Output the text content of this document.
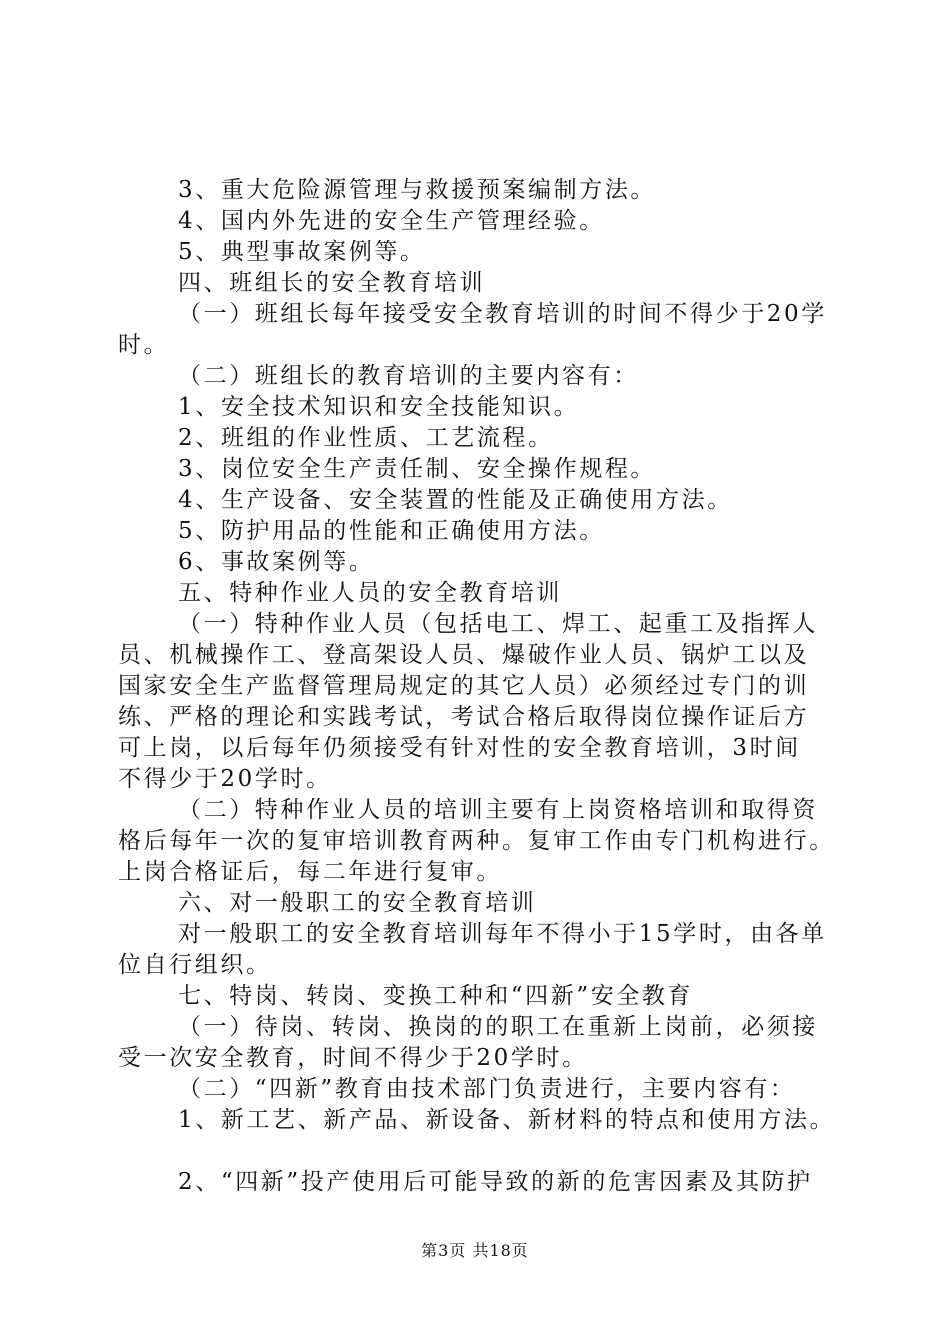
3、重大危险源管理与救援预案编制方法。
4、国内外先进的安全生产管理经验。
5、典型事故案例等。
四、班组长的安全教育培训
（一）班组长每年接受安全教育培训的时间不得少于20学
时。
（二）班组长的教育培训的主要内容有：
1、安全技术知识和安全技能知识。
2、班组的作业性质、工艺流程。
3、岗位安全生产责任制、安全操作规程。
4、生产设备、安全装置的性能及正确使用方法。
5、防护用品的性能和正确使用方法。
6、事故案例等。
五、特种作业人员的安全教育培训
（一）特种作业人员（包括电工、焊工、起重工及指挥人
员、机械操作工、登高架设人员、爆破作业人员、锅炉工以及
国家安全生产监督管理局规定的其它人员）必须经过专门的训
练、严格的理论和实践考试，考试合格后取得岗位操作证后方
可上岗，以后每年仍须接受有针对性的安全教育培训，3时间
不得少于20学时。
（二）特种作业人员的培训主要有上岗资格培训和取得资
格后每年一次的复审培训教育两种。复审工作由专门机构进行。
上岗合格证后，每二年进行复审。
六、对一般职工的安全教育培训
对一般职工的安全教育培训每年不得小于15学时，由各单
位自行组织。
七、特岗、转岗、变换工种和“四新”安全教育
（一）待岗、转岗、换岗的的职工在重新上岗前，必须接
受一次安全教育，时间不得少于20学时。
（二）“四新”教育由技术部门负责进行，主要内容有：
1、新工艺、新产品、新设备、新材料的特点和使用方法。
2、“四新”投产使用后可能导致的新的危害因素及其防护
第3页 共18页
